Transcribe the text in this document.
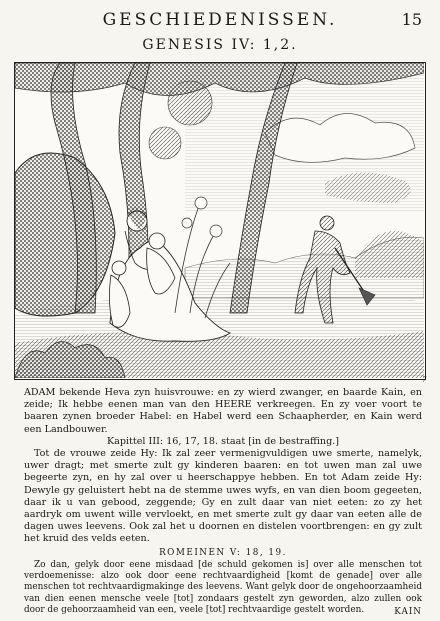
GESCHIEDENISSEN.	15
GENESIS IV: 1,2.
7

ADAM bekende Heva zyn huisvrouwe: en zy wierd zwanger, en baarde Kain, en zeide; Ik hebbe eenen man van den HEERE verkreegen. En zy voer voort te baaren zynen broeder Habel: en Habel werd een Schaapherder, en Kain werd een Landbouwer.

Kapittel III: 16, 17, 18. staat [in de bestraffing.]

Tot de vrouwe zeide Hy: Ik zal zeer vermenigvuldigen uwe smerte, namelyk, uwer dragt; met smerte zult gy kinderen baaren: en tot uwen man zal uwe begeerte zyn, en hy zal over u heerschappye hebben. En tot Adam zeide Hy: Dewyle gy geluistert hebt na de stemme uwes wyfs, en van dien boom gegeeten, daar ik u van gebood, zeggende; Gy en zult daar van niet eeten: zo zy het aardryk om uwent wille vervloekt, en met smerte zult gy daar van eeten alle de dagen uwes leevens. Ook zal het u doornen en distelen voortbrengen: en gy zult het kruid des velds eeten.

ROMEINEN V: 18, 19.

Zo dan, gelyk door eene misdaad [de schuld gekomen is] over alle menschen tot verdoemenisse: alzo ook door eene rechtvaardigheid [komt de genade] over alle menschen tot rechtvaardigmakinge des leevens. Want gelyk door de ongehoorzaamheid van dien eenen mensche veele [tot] zondaars gestelt zyn geworden, alzo zullen ook door de gehoorzaamheid van een, veele [tot] rechtvaardige gestelt worden.	KAIN
